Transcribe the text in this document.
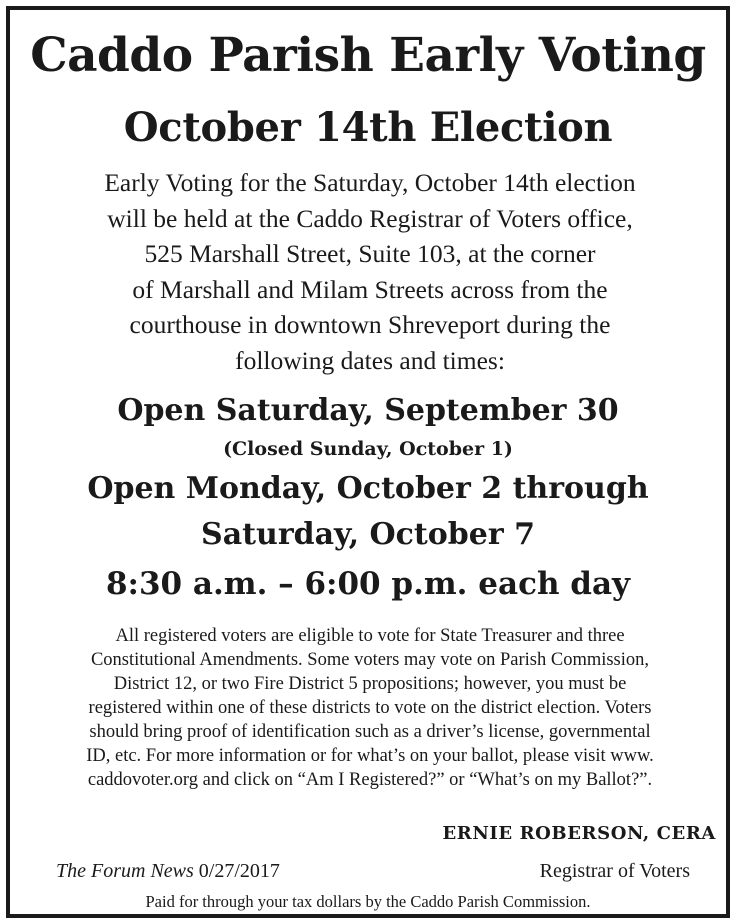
Caddo Parish Early Voting
October 14th Election

Early Voting for the Saturday, October 14th election
will be held at the Caddo Registrar of Voters office,
525 Marshall Street, Suite 103, at the corner
of Marshall and Milam Streets across from the
courthouse in downtown Shreveport during the
following dates and times:

Open Saturday, September 30

(Closed Sunday, October 1)

Open Monday, October 2 through

Saturday, October 7

8:30 a.m. – 6:00 p.m. each day

All registered voters are eligible to vote for State Treasurer and three
Constitutional Amendments. Some voters may vote on Parish Commission,
District 12, or two Fire District 5 propositions; however, you must be
registered within one of these districts to vote on the district election. Voters
should bring proof of identification such as a driver’s license, governmental
ID, etc. For more information or for what’s on your ballot, please visit www.
caddovoter.org and click on “Am I Registered?” or “What’s on my Ballot?”.

ERNIE ROBERSON, CERA

The Forum News 0/27/2017	Registrar of Voters

Paid for through your tax dollars by the Caddo Parish Commission.
